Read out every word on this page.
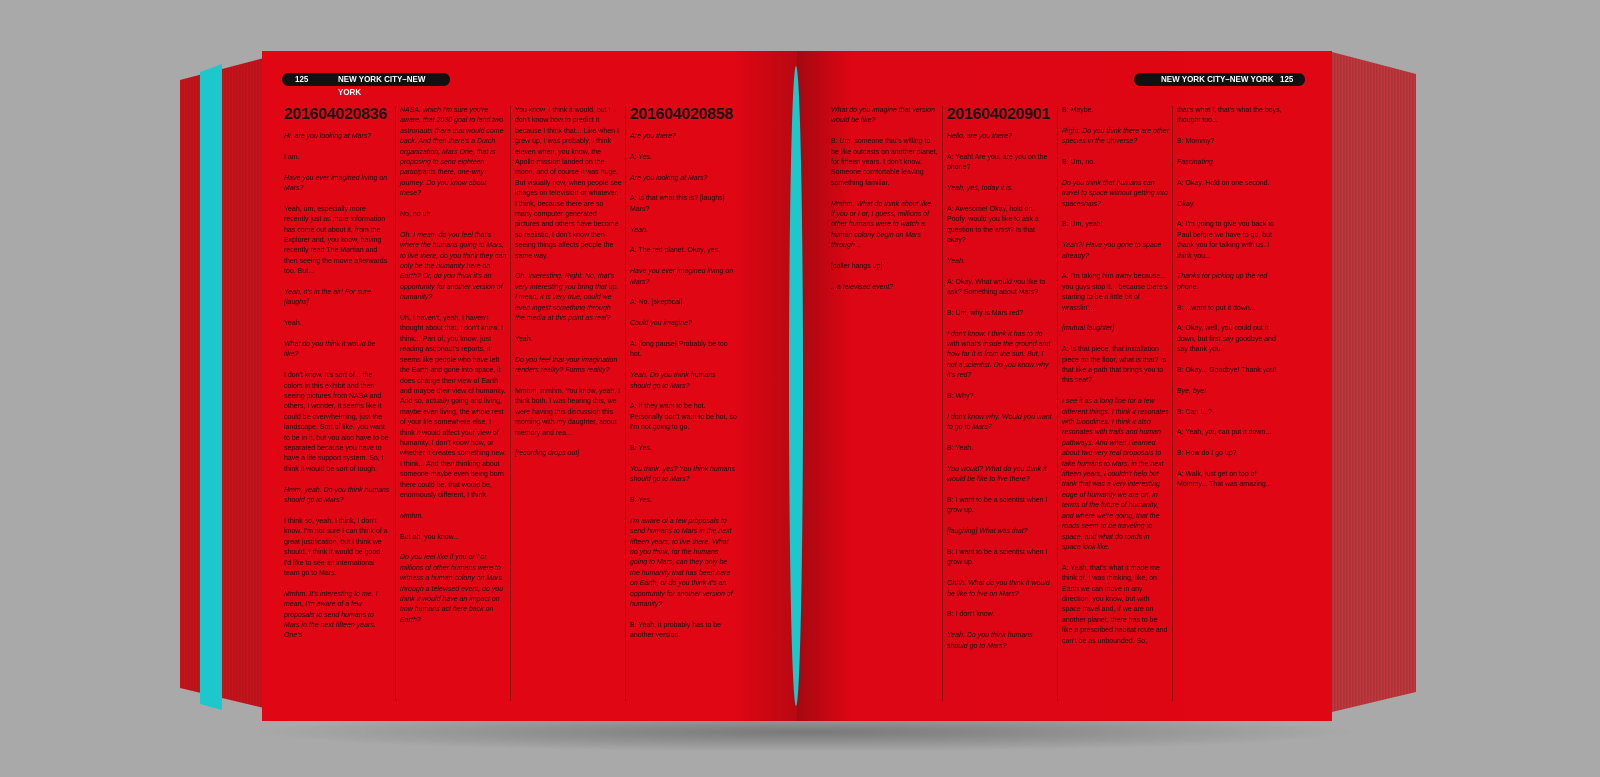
125	NEW YORK CITY–NEW YORK
201604020836

Hi, are you looking at Mars?

I am.

Have you ever imagined living on Mars?

Yeah, um, especially more recently just as more information has come out about it, from the Explorer and, you know, having recently read The Martian and then seeing the movie afterwards too. But...

Yeah, it's in the air! For sure. [laughs]

Yeah.

What do you think it would be like?

I don't know. It's sort of... the colors in this exhibit and then seeing pictures from NASA and others, I wonder, it seems like it could be overwhelming, just the landscape. Sort of like, you want to be in it, but you also have to be separated because you have to have a life support system. So, I think it would be sort of tough.

Hmm, yeah. Do you think humans should go to Mars?

I think so, yeah. I think, I don't know. I'm not sure I can think of a great justification, but I think we should. I think it would be good. I'd like to see an international team go to Mars.

Mmhm. It's interesting to me. I mean, I'm aware of a few proposals to send humans to Mars in the next fifteen years. One's

NASA, which I'm sure you're aware, that 2030 goal to land two astronauts there that would come back. And then there's a Dutch organization, Mars One, that is proposing to send eighteen participants there, one-way journey. Do you know about these?

No, no uh.

Oh. I mean, do you feel that's where the humans going to Mars, to live there, do you think they can only be the humanity here on Earth? Or, do you think it's an opportunity for another version of humanity?

Uh, I haven't, yeah, I haven't thought about that. I don't know. I think... Part of, you know, just reading astronaut's reports, it seems like people who have left the Earth and gone into space, it does change their view of Earth and maybe their view of humanity. And so, actually going and living, maybe even living, the whole rest of your life somewhere else, I think it would affect your view of humanity. I don't know how, or whether it creates something new. I think... And then thinking about someone maybe even being born there could be, that would be, enormously different, I think.

Mmhm.

But ah, you know...

Do you feel like if you or I or millions of other humans were to witness a human colony on Mars through a televised event, do you think it would have an impact on how humans act here back on Earth?

You know, I think it would, but I don't know how to predict it because I think that... Like when I grew up, I was probably, I think eleven when, you know, the Apollo mission landed on the moon, and of course it was huge. But visually now, when people see images on television or whatever, I think, because there are so many computer generated pictures and others have become so realistic, I don't know then seeing things affects people the same way.

Oh. Interesting. Right. No, that's very interesting you bring that up. I mean, it is very true, could we even ingest something through the media at this point as real?

Yeah.

Do you feel that your imagination renders reality? Forms reality?

Mmhm, mmhm. You know, yeah, I think both. I was hearing this, we were having this discussion this morning with my daughter, about memory and rea...

[recording drops out]

201604020858

Are you there?

A: Yes.

Are you looking at Mars?

A: Is that what this is? [laughs] Mars?

Yeah.

A: The red planet. Okay, yes.

Have you ever imagined living on Mars?

A: No. [skeptical]

Could you imagine?

A: [long pause] Probably be too hot.

Yeah. Do you think humans should go to Mars?

A: If they want to be hot. Personally don't want to be hot, so I'm not going to go.

B: Yes.

You think, yes? You think humans should go to Mars?

B: Yes.

I'm aware of a few proposals to send humans to Mars in the next fifteen years, to live there. What do you think, for the humans going to Mars, can they only be the humanity that has been here on Earth, or do you think it's an opportunity for another version of humanity?

B: Yeah, it probably has to be another version.

NEW YORK CITY–NEW YORK 125

What do you imagine that version would be like?

B: Um, someone that's willing to be like outcasts on another planet, for fifteen years. I don't know. Someone comfortable leaving something familiar.

Mmhm. What do think about like, if you or I or, I guess, millions of other humans were to watch a human colony begin on Mars through...

[caller hangs up]

...a televised event?

201604020901

Hello, are you there?

A: Yeah! Are you, are you on the phone?

Yeah, yes, today it is.

A: Awesome! Okay, hold on. Poofy, would you like to ask a question to the artist? Is that okay?

Yeah.

A: Okay. What would you like to ask? Something about Mars?

B: Um, why is Mars red?

I don't know. I think it has to do with what's inside the ground and how far it is from the sun. But, I not a scientist. Do you know why it's red?

B: Why?

I don't know why. Would you want to go to Mars?

B: Yeah.

You would? What do you think it would be like to live there?

B: I want to be a scientist when I grow up.

[laughing] What was that?

B: I want to be a scientist when I grow up.

Ohhh. What do you think it would be like to live on Mars?

B: I don't know.

Yeah. Do you think humans should go to Mars?

B: Maybe.

Right. Do you think there are other species in the universe?

B: Um, no.

Do you think that humans can travel to space without getting into spaceships?

B: Um, yeah!

Yeah?! Have you gone to space already?

A: I'm taking him away because... you guys stop it... because there's starting to be a little bit of wrasslin'...

[mutual laughter]

A: Is that piece, that installation piece on the floor, what is that? Is that like a path that brings you to this seat?

I see it as a long line for a few different things. I think it resonates with bloodlines. I think it also resonates with trails and human pathways. And when I learned about two very real proposals to take humans to Mars, in the next fifteen years, I couldn't help but think that was a very interesting edge of humanity we are on, in terms of the future of humanity, and where we're going, that the roads seem to be traveling to space, and what do roads in space look like.

A: Yeah, that's what it made me think of. I was thinking, like, on Earth we can move in any direction, you know, but with space travel and, if we are on another planet, there has to be like a prescribed habitat route and can't be as unbounded. So,

that's what I, that's what the boys, thought too...

B: Mommy?

Fascinating.

A: Okay. Hold on one second.

Okay.

A: I'm going to give you back to Paul before we have to go, but thank you for talking with us. I think you...

Thanks for picking up the red phone.

B: ...want to put it down...

A: Okay, well, you could put it down, but first say goodbye and say thank you.

B: Okay... Goodbye! Thank you!

Bye, bye!

B: Can I...?

A: Yeah, you can put it down...

B: How do I go up?

A: Walk, just get on top of Mommy... That was amazing...
